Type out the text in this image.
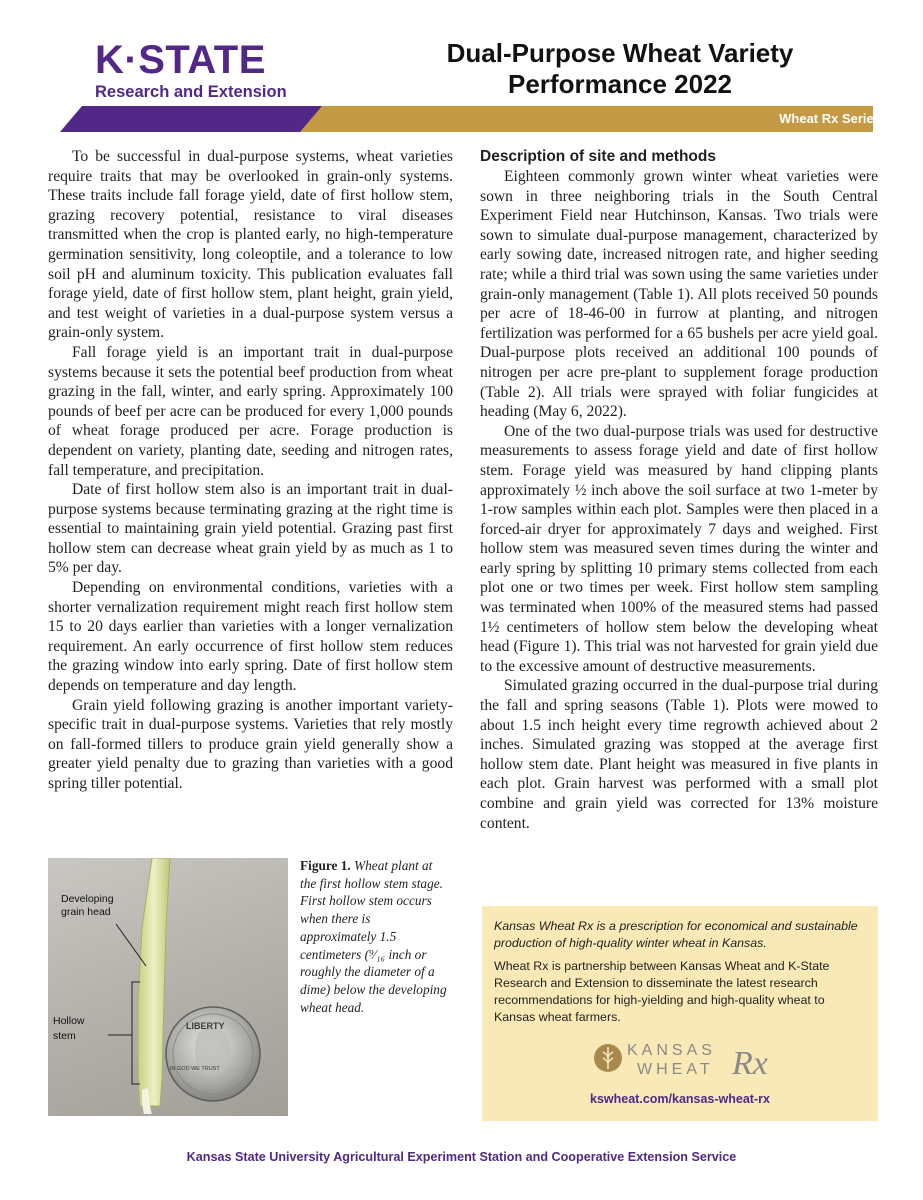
K·STATE
Research and Extension
Dual-Purpose Wheat Variety
Performance 2022
Wheat Rx Series

To be successful in dual-purpose systems, wheat varieties require traits that may be overlooked in grain-only systems. These traits include fall forage yield, date of first hollow stem, grazing recovery potential, resistance to viral diseases transmitted when the crop is planted early, no high-temperature germination sensitivity, long coleoptile, and a tolerance to low soil pH and aluminum toxicity. This publication evaluates fall forage yield, date of first hollow stem, plant height, grain yield, and test weight of varieties in a dual-purpose system versus a grain-only system.

Fall forage yield is an important trait in dual-purpose systems because it sets the potential beef production from wheat grazing in the fall, winter, and early spring. Approximately 100 pounds of beef per acre can be produced for every 1,000 pounds of wheat forage produced per acre. Forage production is dependent on variety, planting date, seeding and nitrogen rates, fall temperature, and precipitation.

Date of first hollow stem also is an important trait in dual-purpose systems because terminating grazing at the right time is essential to maintaining grain yield potential. Grazing past first hollow stem can decrease wheat grain yield by as much as 1 to 5% per day.

Depending on environmental conditions, varieties with a shorter vernalization requirement might reach first hollow stem 15 to 20 days earlier than varieties with a longer vernalization requirement. An early occurrence of first hollow stem reduces the grazing window into early spring. Date of first hollow stem depends on temperature and day length.

Grain yield following grazing is another important variety-specific trait in dual-purpose systems. Varieties that rely mostly on fall-formed tillers to produce grain yield generally show a greater yield penalty due to grazing than varieties with a good spring tiller potential.

Description of site and methods

Eighteen commonly grown winter wheat varieties were sown in three neighboring trials in the South Central Experiment Field near Hutchinson, Kansas. Two trials were sown to simulate dual-purpose management, characterized by early sowing date, increased nitrogen rate, and higher seeding rate; while a third trial was sown using the same varieties under grain-only management (Table 1). All plots received 50 pounds per acre of 18-46-00 in furrow at planting, and nitrogen fertilization was performed for a 65 bushels per acre yield goal. Dual-purpose plots received an additional 100 pounds of nitrogen per acre pre-plant to supplement forage production (Table 2). All trials were sprayed with foliar fungicides at heading (May 6, 2022).

One of the two dual-purpose trials was used for destructive measurements to assess forage yield and date of first hollow stem. Forage yield was measured by hand clipping plants approximately ½ inch above the soil surface at two 1-meter by 1-row samples within each plot. Samples were then placed in a forced-air dryer for approximately 7 days and weighed. First hollow stem was measured seven times during the winter and early spring by splitting 10 primary stems collected from each plot one or two times per week. First hollow stem sampling was terminated when 100% of the measured stems had passed 1½ centimeters of hollow stem below the developing wheat head (Figure 1). This trial was not harvested for grain yield due to the excessive amount of destructive measurements.

Simulated grazing occurred in the dual-purpose trial during the fall and spring seasons (Table 1). Plots were mowed to about 1.5 inch height every time regrowth achieved about 2 inches. Simulated grazing was stopped at the average first hollow stem date. Plant height was measured in five plants in each plot. Grain harvest was performed with a small plot combine and grain yield was corrected for 13% moisture content.

LIBERTY
IN GOD WE TRUST
Developing
grain head
Hollow
stem
Figure 1. Wheat plant at the first hollow stem stage. First hollow stem occurs when there is approximately 1.5 centimeters (⁹⁄₁₆ inch or roughly the diameter of a dime) below the developing wheat head.
Kansas Wheat Rx is a prescription for economical and sustainable production of high-quality winter wheat in Kansas.
Wheat Rx is partnership between Kansas Wheat and K-State Research and Extension to disseminate the latest research recommendations for high-yielding and high-quality wheat to Kansas wheat farmers.
KANSAS
WHEAT Rx
kswheat.com/kansas-wheat-rx
Kansas State University Agricultural Experiment Station and Cooperative Extension Service
